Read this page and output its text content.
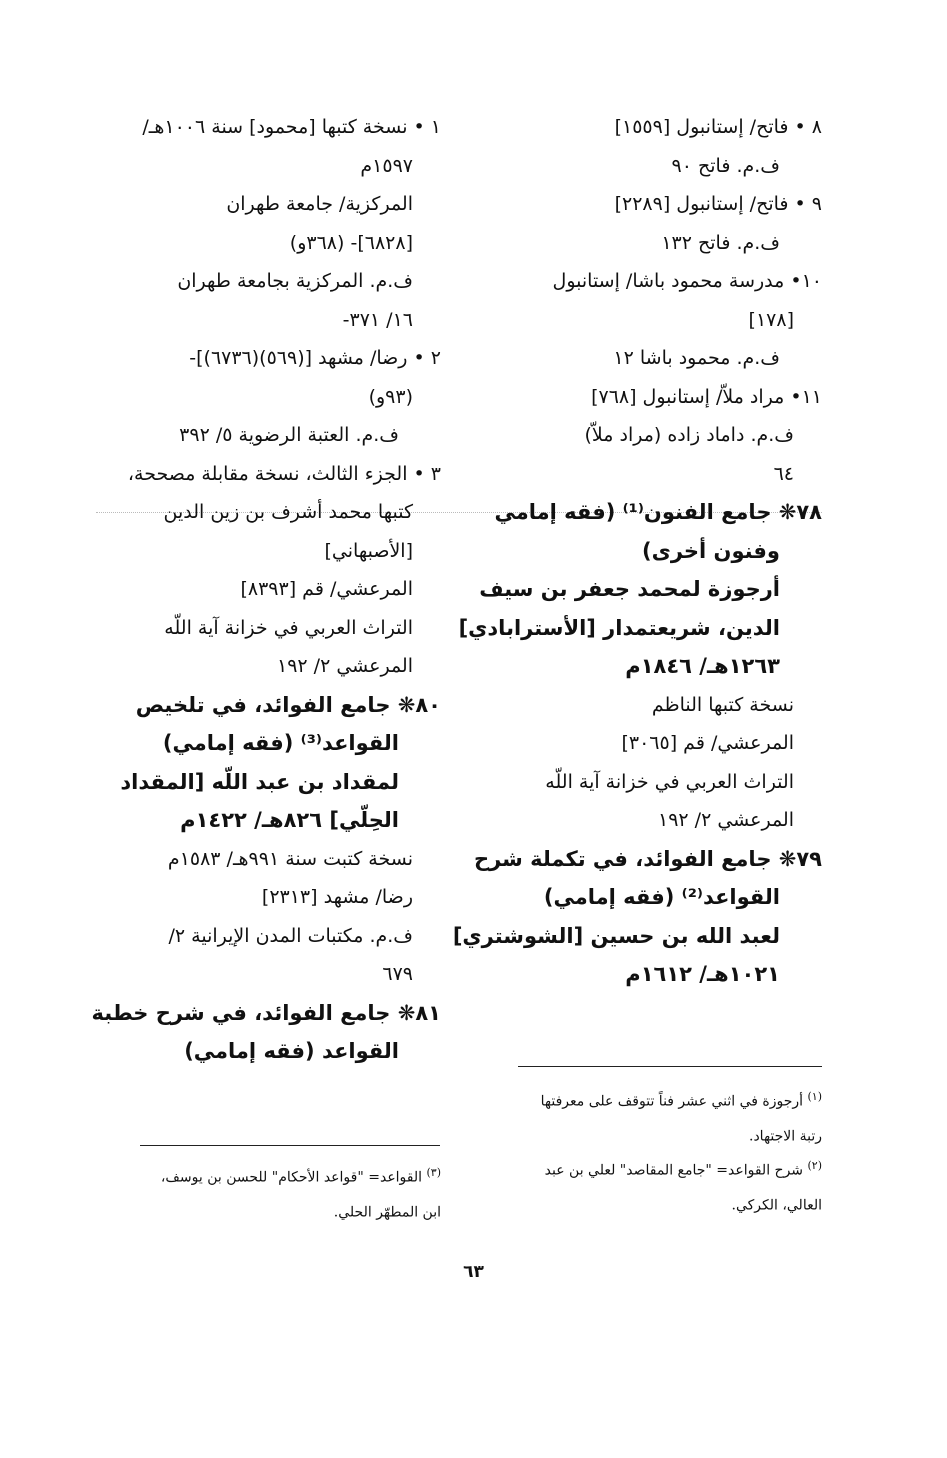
٨ • فاتح/ إستانبول [١٥٥٩]
ف.م. فاتح ٩٠
٩ • فاتح/ إستانبول [٢٢٨٩]
ف.م. فاتح ١٣٢
١٠• مدرسة محمود باشا/ إستانبول
[١٧٨]
ف.م. محمود باشا ١٢
١١• مراد ملاّ/ إستانبول [٧٦٨]
ف.م. داماد زاده (مراد ملاّ)
٦٤
٧٨❋ جامع الفنون⁽¹⁾ (فقه إمامي
وفنون أخرى)
أرجوزة لمحمد جعفر بن سيف
الدين، شريعتمدار [الأسترابادي]
١٢٦٣هـ/ ١٨٤٦م
نسخة كتبها الناظم
المرعشي/ قم [٣٠٦٥]
التراث العربي في خزانة آية اللّه
المرعشي ٢/ ١٩٢
٧٩❋ جامع الفوائد، في تكملة شرح
القواعد⁽²⁾ (فقه إمامي)
لعبد الله بن حسين [الشوشتري]
١٠٢١هـ/ ١٦١٢م
١ • نسخة كتبها [محمود] سنة ١٠٠٦هـ/
١٥٩٧م
المركزية/ جامعة طهران
[٦٨٢٨]- (٣٦٨و)
ف.م. المركزية بجامعة طهران
١٦/ ٣٧١-
٢ • رضا/ مشهد [(٥٦٩)(٦٧٣٦)]-
(٩٣و)
ف.م. العتبة الرضوية ٥/ ٣٩٢
٣ • الجزء الثالث، نسخة مقابلة مصححة،
كتبها محمد أشرف بن زين الدين
[الأصبهاني]
المرعشي/ قم [٨٣٩٣]
التراث العربي في خزانة آية اللّه
المرعشي ٢/ ١٩٢
٨٠❋ جامع الفوائد، في تلخيص
القواعد⁽³⁾ (فقه إمامي)
لمقداد بن عبد اللّه [المقداد
الحِلّي] ٨٢٦هـ/ ١٤٢٢م
نسخة كتبت سنة ٩٩١هـ/ ١٥٨٣م
رضا/ مشهد [٢٣١٣]
ف.م. مكتبات المدن الإيرانية ٢/
٦٧٩
٨١❋ جامع الفوائد، في شرح خطبة
القواعد (فقه إمامي)
$^{(١)}$ أرجوزة في اثني عشر فناً تتوقف على معرفتها
رتبة الاجتهاد.
$^{(٢)}$ شرح القواعد= "جامع المقاصد" لعلي بن عبد
العالي، الكركي.
$^{(٣)}$ القواعد= "قواعد الأحكام" للحسن بن يوسف،
ابن المطهّر الحلي.
٦٣
